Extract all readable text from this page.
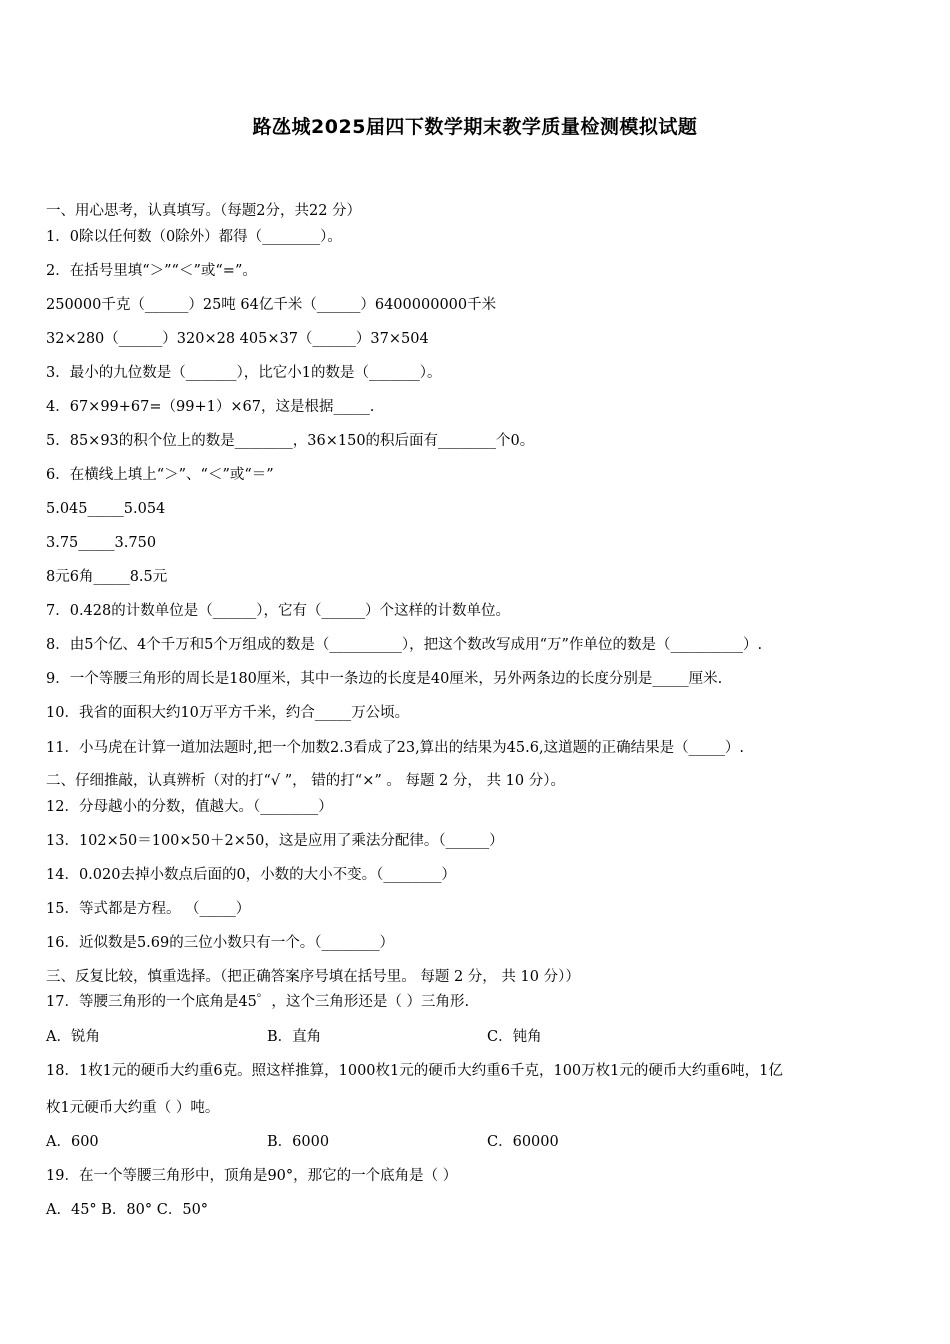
路氹城2025届四下数学期末教学质量检测模拟试题
一、用心思考，认真填写。（每题2分，共22 分）
1．0除以任何数（0除外）都得（________）。
2．在括号里填“＞”“＜”或“=”。
250000千克（______）25吨 64亿千米（______）6400000000千米
32×280（______）320×28 405×37（______）37×504
3．最小的九位数是（_______），比它小1的数是（_______）。
4．67×99+67=（99+1）×67，这是根据_____.
5．85×93的积个位上的数是________，36×150的积后面有________个0。
6．在横线上填上“＞”、“＜”或“＝”
5.045_____5.054
3.75_____3.750
8元6角_____8.5元
7．0.428的计数单位是（______），它有（______）个这样的计数单位。
8．由5个亿、4个千万和5个万组成的数是（__________），把这个数改写成用“万”作单位的数是（__________）.
9．一个等腰三角形的周长是180厘米，其中一条边的长度是40厘米，另外两条边的长度分别是_____厘米.
10．我省的面积大约10万平方千米，约合_____万公顷。
11．小马虎在计算一道加法题时,把一个加数2.3看成了23,算出的结果为45.6,这道题的正确结果是（_____）.
二、仔细推敲，认真辨析（对的打“√ ”， 错的打“×” 。 每题 2 分， 共 10 分）。
12．分母越小的分数，值越大。（________）
13．102×50＝100×50＋2×50，这是应用了乘法分配律。（______）
14．0.020去掉小数点后面的0，小数的大小不变。（________）
15．等式都是方程。 （_____）
16．近似数是5.69的三位小数只有一个。（________）
三、反复比较，慎重选择。（把正确答案序号填在括号里。 每题 2 分， 共 10 分））
17．等腰三角形的一个底角是45゜，这个三角形还是（ ）三角形.
A．锐角	B．直角	C．钝角
18．1枚1元的硬币大约重6克。照这样推算，1000枚1元的硬币大约重6千克，100万枚1元的硬币大约重6吨，1亿
枚1元硬币大约重（ ）吨。
A．600	B．6000	C．60000
19．在一个等腰三角形中，顶角是90°，那它的一个底角是（ ）
A．45° B．80° C．50°
